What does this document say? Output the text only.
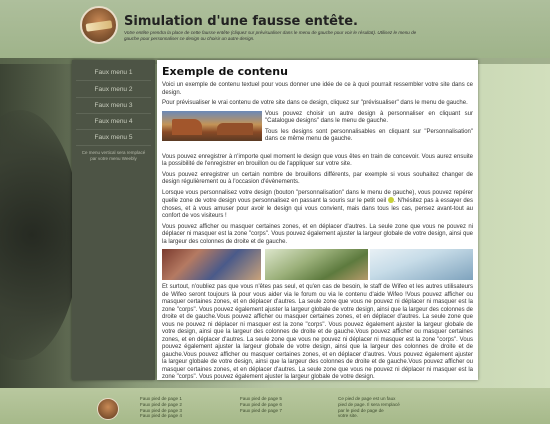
Simulation d'une fausse entête.
Votre entête prendra la place de cette fausse entête (cliquez sur prévisualiser dans le menu de gauche pour voir le résultat). Utilisez le menu de gauche pour personnaliser ce design ou choisir un autre design.
Faux menu 1
Faux menu 2
Faux menu 3
Faux menu 4
Faux menu 5
Ce menu vertical sera remplacé par votre menu Weebly
Exemple de contenu

Voici un exemple de contenu textuel pour vous donner une idée de ce à quoi pourrait ressembler votre site dans ce design.

Pour prévisualiser le vrai contenu de votre site dans ce design, cliquez sur "prévisualiser" dans le menu de gauche.

Vous pouvez choisir un autre design à personnaliser en cliquant sur "Catalogue designs" dans le menu de gauche.

Tous les designs sont personnalisables en cliquant sur "Personnalisation" dans ce même menu de gauche.

Vous pouvez enregistrer à n'importe quel moment le design que vous êtes en train de concevoir. Vous aurez ensuite la possibilité de l'enregistrer en brouillon ou de l'appliquer sur votre site.

Vous pouvez enregistrer un certain nombre de brouillons différents, par exemple si vous souhaitez changer de design régulièrement ou à l'occasion d'évènements.

Lorsque vous personnalisez votre design (bouton "personnalisation" dans le menu de gauche), vous pouvez repérer quelle zone de votre design vous personnalisez en passant la souris sur le petit oeil . N'hésitez pas à essayer des choses, et à vous amuser pour avoir le design qui vous convient, mais dans tous les cas, pensez avant-tout au confort de vos visiteurs !

Vous pouvez afficher ou masquer certaines zones, et en déplacer d'autres. La seule zone que vous ne pouvez ni déplacer ni masquer est la zone "corps". Vous pouvez également ajuster la largeur globale de votre design, ainsi que la largeur des colonnes de droite et de gauche.

Et surtout, n'oubliez pas que vous n'êtes pas seul, et qu'en cas de besoin, le staff de Wifeo et les autres utilisateurs de Wifeo seront toujours là pour vous aider via le forum ou via le contenu d'aide Wifeo !Vous pouvez afficher ou masquer certaines zones, et en déplacer d'autres. La seule zone que vous ne pouvez ni déplacer ni masquer est la zone "corps". Vous pouvez également ajuster la largeur globale de votre design, ainsi que la largeur des colonnes de droite et de gauche.Vous pouvez afficher ou masquer certaines zones, et en déplacer d'autres. La seule zone que vous ne pouvez ni déplacer ni masquer est la zone "corps". Vous pouvez également ajuster la largeur globale de votre design, ainsi que la largeur des colonnes de droite et de gauche.Vous pouvez afficher ou masquer certaines zones, et en déplacer d'autres. La seule zone que vous ne pouvez ni déplacer ni masquer est la zone "corps". Vous pouvez également ajuster la largeur globale de votre design, ainsi que la largeur des colonnes de droite et de gauche.Vous pouvez afficher ou masquer certaines zones, et en déplacer d'autres. Vous pouvez également ajuster la largeur globale de votre design, ainsi que la largeur des colonnes de droite et de gauche.Vous pouvez afficher ou masquer certaines zones, et en déplacer d'autres. La seule zone que vous ne pouvez ni déplacer ni masquer est la zone "corps". Vous pouvez également ajuster la largeur globale de votre design.

Faux pied de page 1
Faux pied de page 2
Faux pied de page 3
Faux pied de page 4
Faux pied de page 5
Faux pied de page 6
Faux pied de page 7
Ce pied de page est un faux
pied de page. Il sera remplacé
par le pied de page de
votre site.
